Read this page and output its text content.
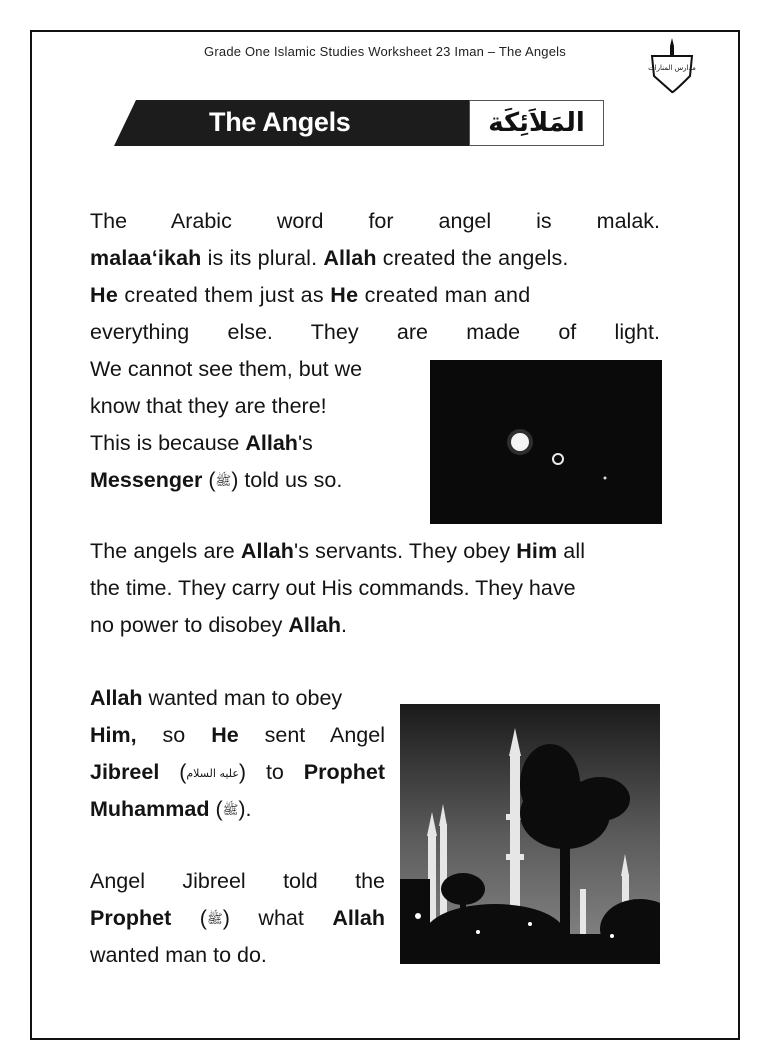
Grade One Islamic Studies Worksheet 23 Iman – The Angels
مدارس المنارات
The Angels	المَلاَئِكَة
The Arabic word for angel is malak.
malaa‘ikah is its plural. Allah created the angels.
He created them just as He created man and
everything else. They are made of light.
We cannot see them, but we
know that they are there!
This is because Allah's
Messenger (ﷺ) told us so.
The angels are Allah's servants. They obey Him all
the time. They carry out His commands. They have
no power to disobey Allah.
Allah wanted man to obey
Him, so He sent Angel
Jibreel (عليه السلام) to Prophet
Muhammad (ﷺ).
Angel Jibreel told the
Prophet (ﷺ) what Allah
wanted man to do.
